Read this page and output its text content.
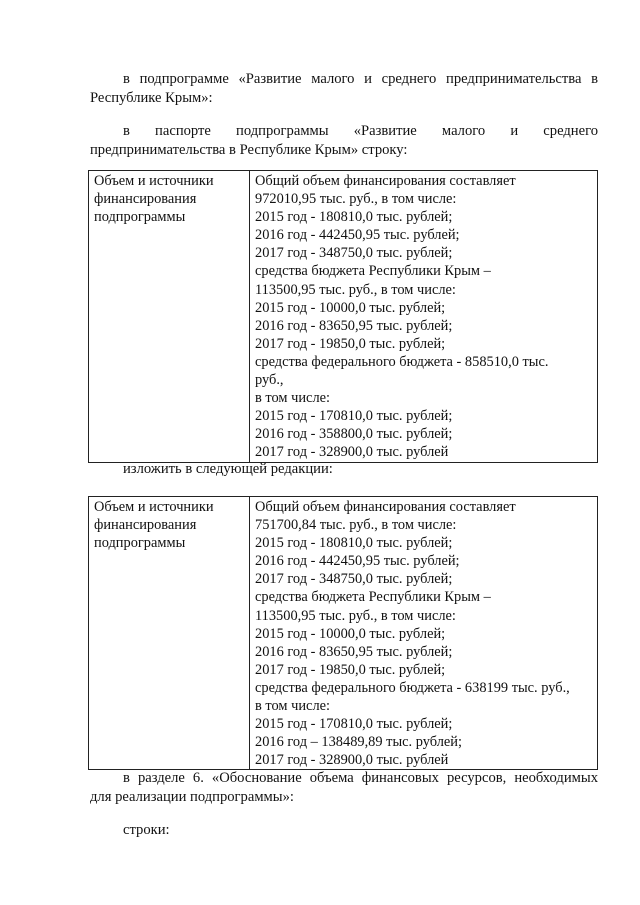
в подпрограмме «Развитие малого и среднего предпринимательства в
Республике Крым»:
в паспорте подпрограммы «Развитие малого и среднего
предпринимательства в Республике Крым» строку:
Объем и источники
финансирования
подпрограммы

Общий объем финансирования составляет
972010,95 тыс. руб., в том числе:
2015 год - 180810,0 тыс. рублей;
2016 год - 442450,95 тыс. рублей;
2017 год - 348750,0 тыс. рублей;
средства бюджета Республики Крым –
113500,95 тыс. руб., в том числе:
2015 год - 10000,0 тыс. рублей;
2016 год - 83650,95 тыс. рублей;
2017 год - 19850,0 тыс. рублей;
средства федерального бюджета - 858510,0 тыс.
руб.,
в том числе:
2015 год - 170810,0 тыс. рублей;
2016 год - 358800,0 тыс. рублей;
2017 год - 328900,0 тыс. рублей
изложить в следующей редакции:
Объем и источники
финансирования
подпрограммы

Общий объем финансирования составляет
751700,84 тыс. руб., в том числе:
2015 год - 180810,0 тыс. рублей;
2016 год - 442450,95 тыс. рублей;
2017 год - 348750,0 тыс. рублей;
средства бюджета Республики Крым –
113500,95 тыс. руб., в том числе:
2015 год - 10000,0 тыс. рублей;
2016 год - 83650,95 тыс. рублей;
2017 год - 19850,0 тыс. рублей;
средства федерального бюджета - 638199 тыс. руб.,
в том числе:
2015 год - 170810,0 тыс. рублей;
2016 год – 138489,89 тыс. рублей;
2017 год - 328900,0 тыс. рублей
в разделе 6. «Обоснование объема финансовых ресурсов, необходимых
для реализации подпрограммы»:
строки:
